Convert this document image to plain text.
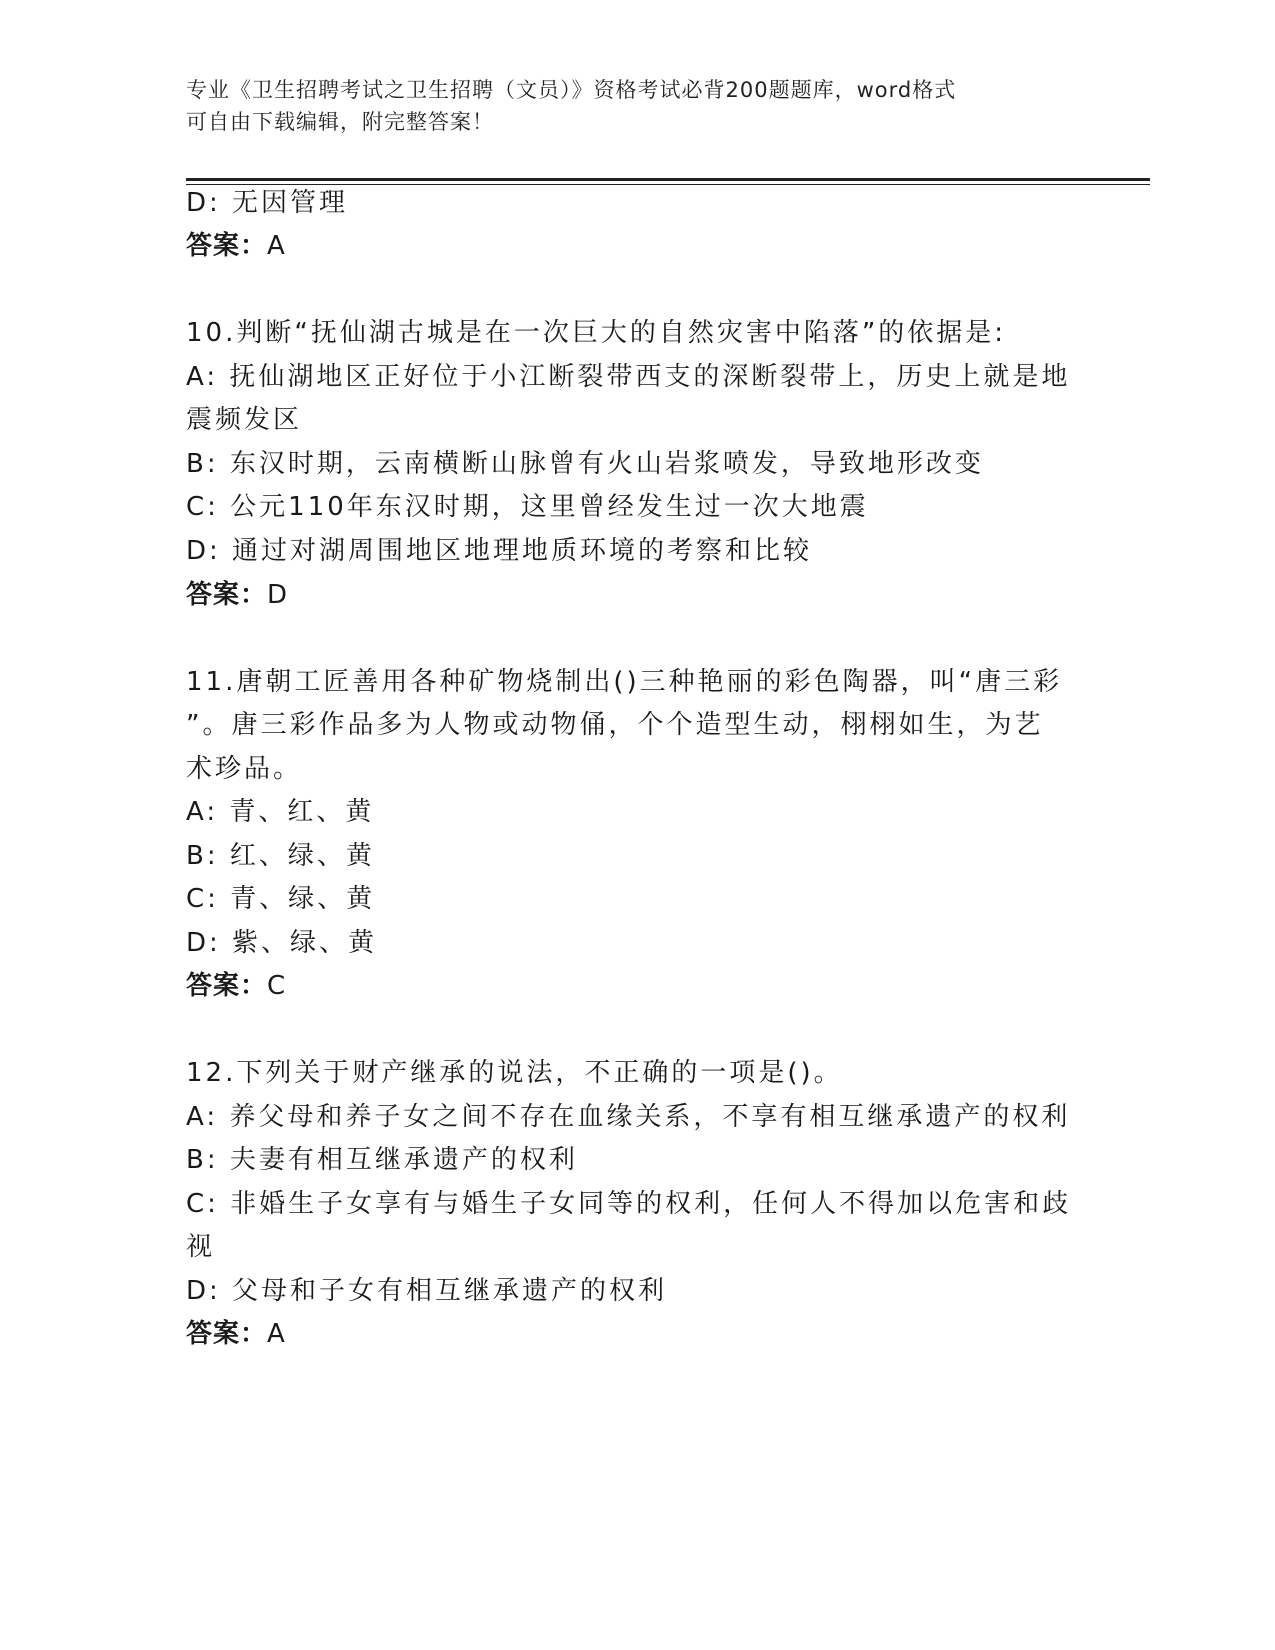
专业《卫生招聘考试之卫生招聘（文员）》资格考试必背200题题库，word格式
可自由下载编辑，附完整答案！
D: 无因管理
答案：A
10.判断“抚仙湖古城是在一次巨大的自然灾害中陷落”的依据是:
A: 抚仙湖地区正好位于小江断裂带西支的深断裂带上，历史上就是地
震频发区
B: 东汉时期，云南横断山脉曾有火山岩浆喷发，导致地形改变
C: 公元110年东汉时期，这里曾经发生过一次大地震
D: 通过对湖周围地区地理地质环境的考察和比较
答案：D
11.唐朝工匠善用各种矿物烧制出()三种艳丽的彩色陶器，叫“唐三彩
”。唐三彩作品多为人物或动物俑，个个造型生动，栩栩如生，为艺
术珍品。
A: 青、红、黄
B: 红、绿、黄
C: 青、绿、黄
D: 紫、绿、黄
答案：C
12.下列关于财产继承的说法，不正确的一项是()。
A: 养父母和养子女之间不存在血缘关系，不享有相互继承遗产的权利
B: 夫妻有相互继承遗产的权利
C: 非婚生子女享有与婚生子女同等的权利，任何人不得加以危害和歧
视
D: 父母和子女有相互继承遗产的权利
答案：A
